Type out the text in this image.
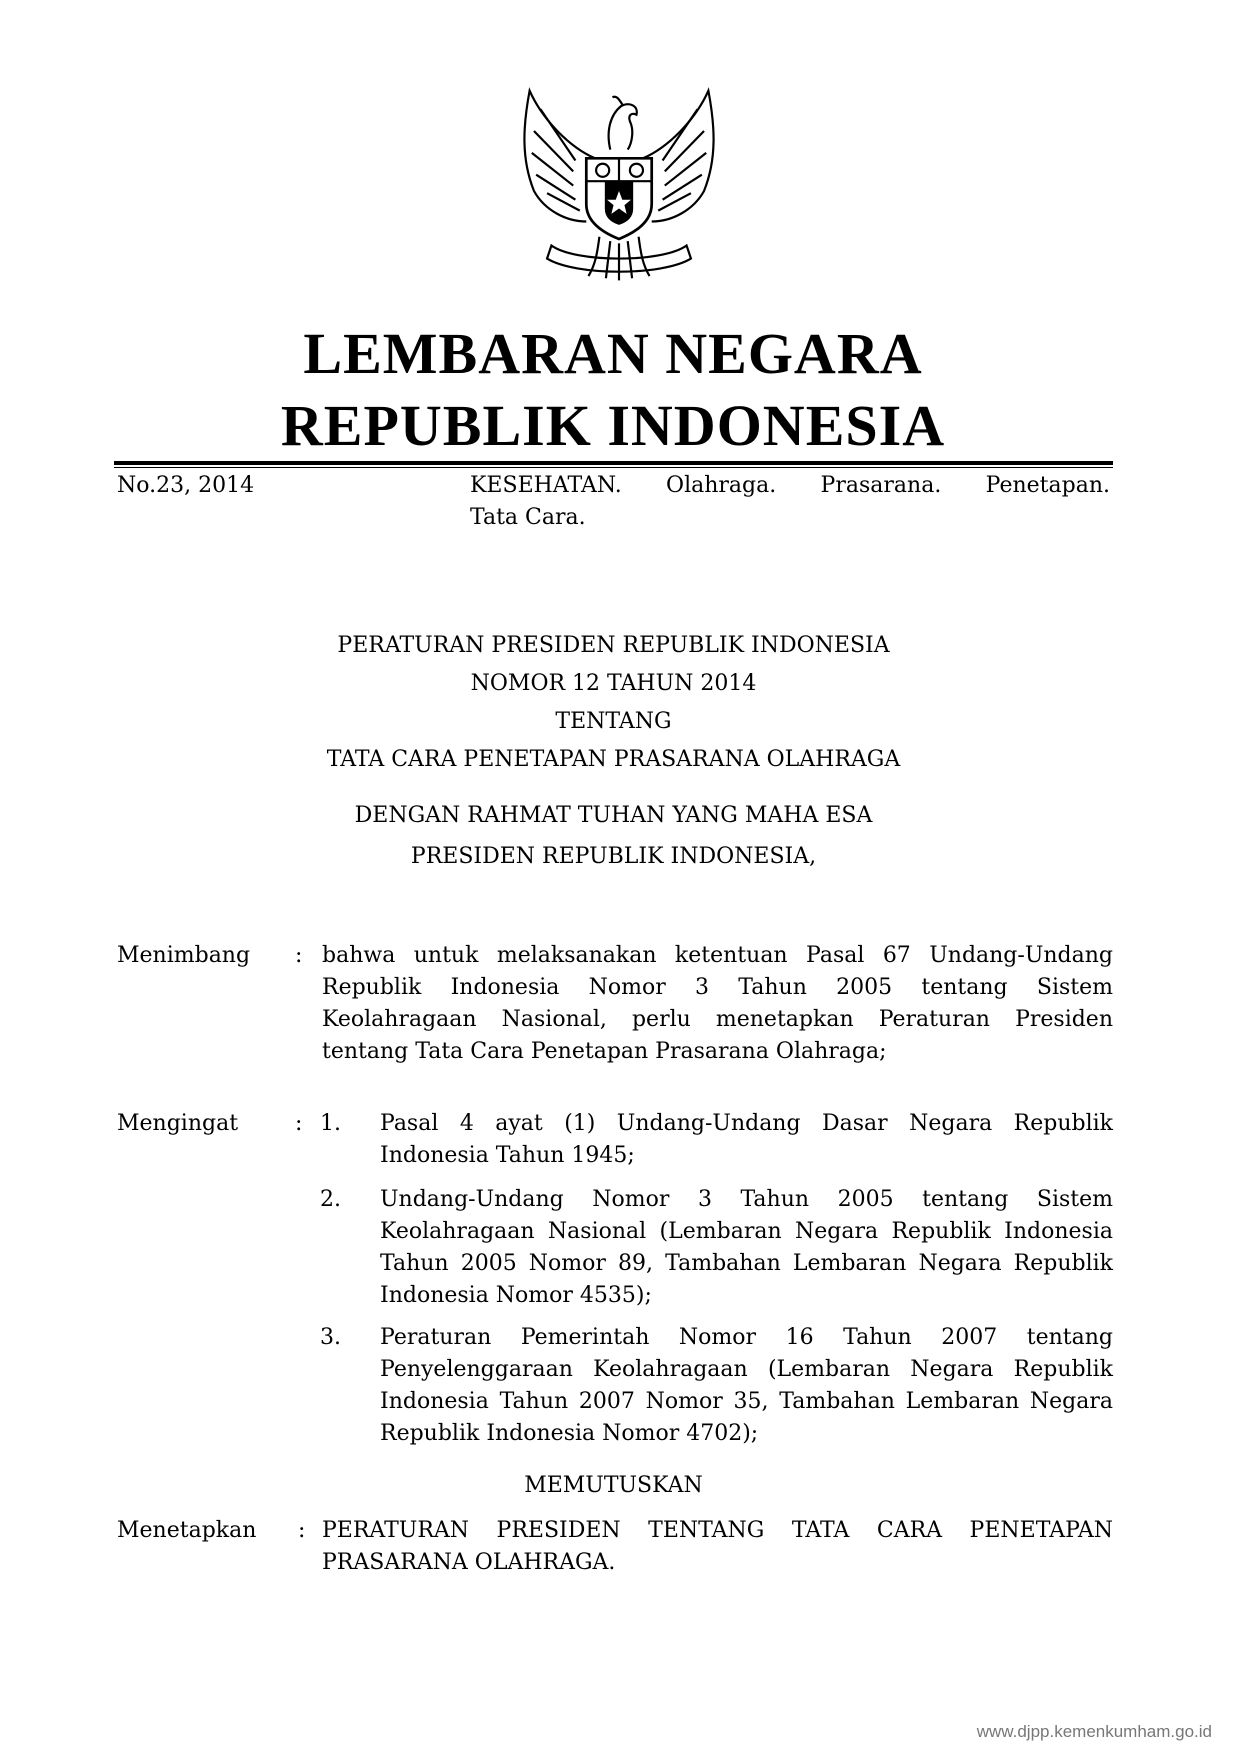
LEMBARAN NEGARA
REPUBLIK INDONESIA
No.23, 2014	KESEHATAN. Olahraga. Prasarana. Penetapan.
Tata Cara.
PERATURAN PRESIDEN REPUBLIK INDONESIA
NOMOR 12 TAHUN 2014
TENTANG
TATA CARA PENETAPAN PRASARANA OLAHRAGA
DENGAN RAHMAT TUHAN YANG MAHA ESA
PRESIDEN REPUBLIK INDONESIA,
Menimbang : bahwa untuk melaksanakan ketentuan Pasal 67 Undang-Undang Republik Indonesia Nomor 3 Tahun 2005 tentang Sistem Keolahragaan Nasional, perlu menetapkan Peraturan Presiden tentang Tata Cara Penetapan Prasarana Olahraga;

Mengingat	: 1. Pasal 4 ayat (1) Undang-Undang Dasar Negara Republik Indonesia Tahun 1945;

2. Undang-Undang Nomor 3 Tahun 2005 tentang Sistem Keolahragaan Nasional (Lembaran Negara Republik Indonesia Tahun 2005 Nomor 89, Tambahan Lembaran Negara Republik Indonesia Nomor 4535);

3. Peraturan Pemerintah Nomor 16 Tahun 2007 tentang Penyelenggaraan Keolahragaan (Lembaran Negara Republik Indonesia Tahun 2007 Nomor 35, Tambahan Lembaran Negara Republik Indonesia Nomor 4702);

MEMUTUSKAN
Menetapkan : PERATURAN PRESIDEN TENTANG TATA CARA PENETAPAN PRASARANA OLAHRAGA.

www.djpp.kemenkumham.go.id
